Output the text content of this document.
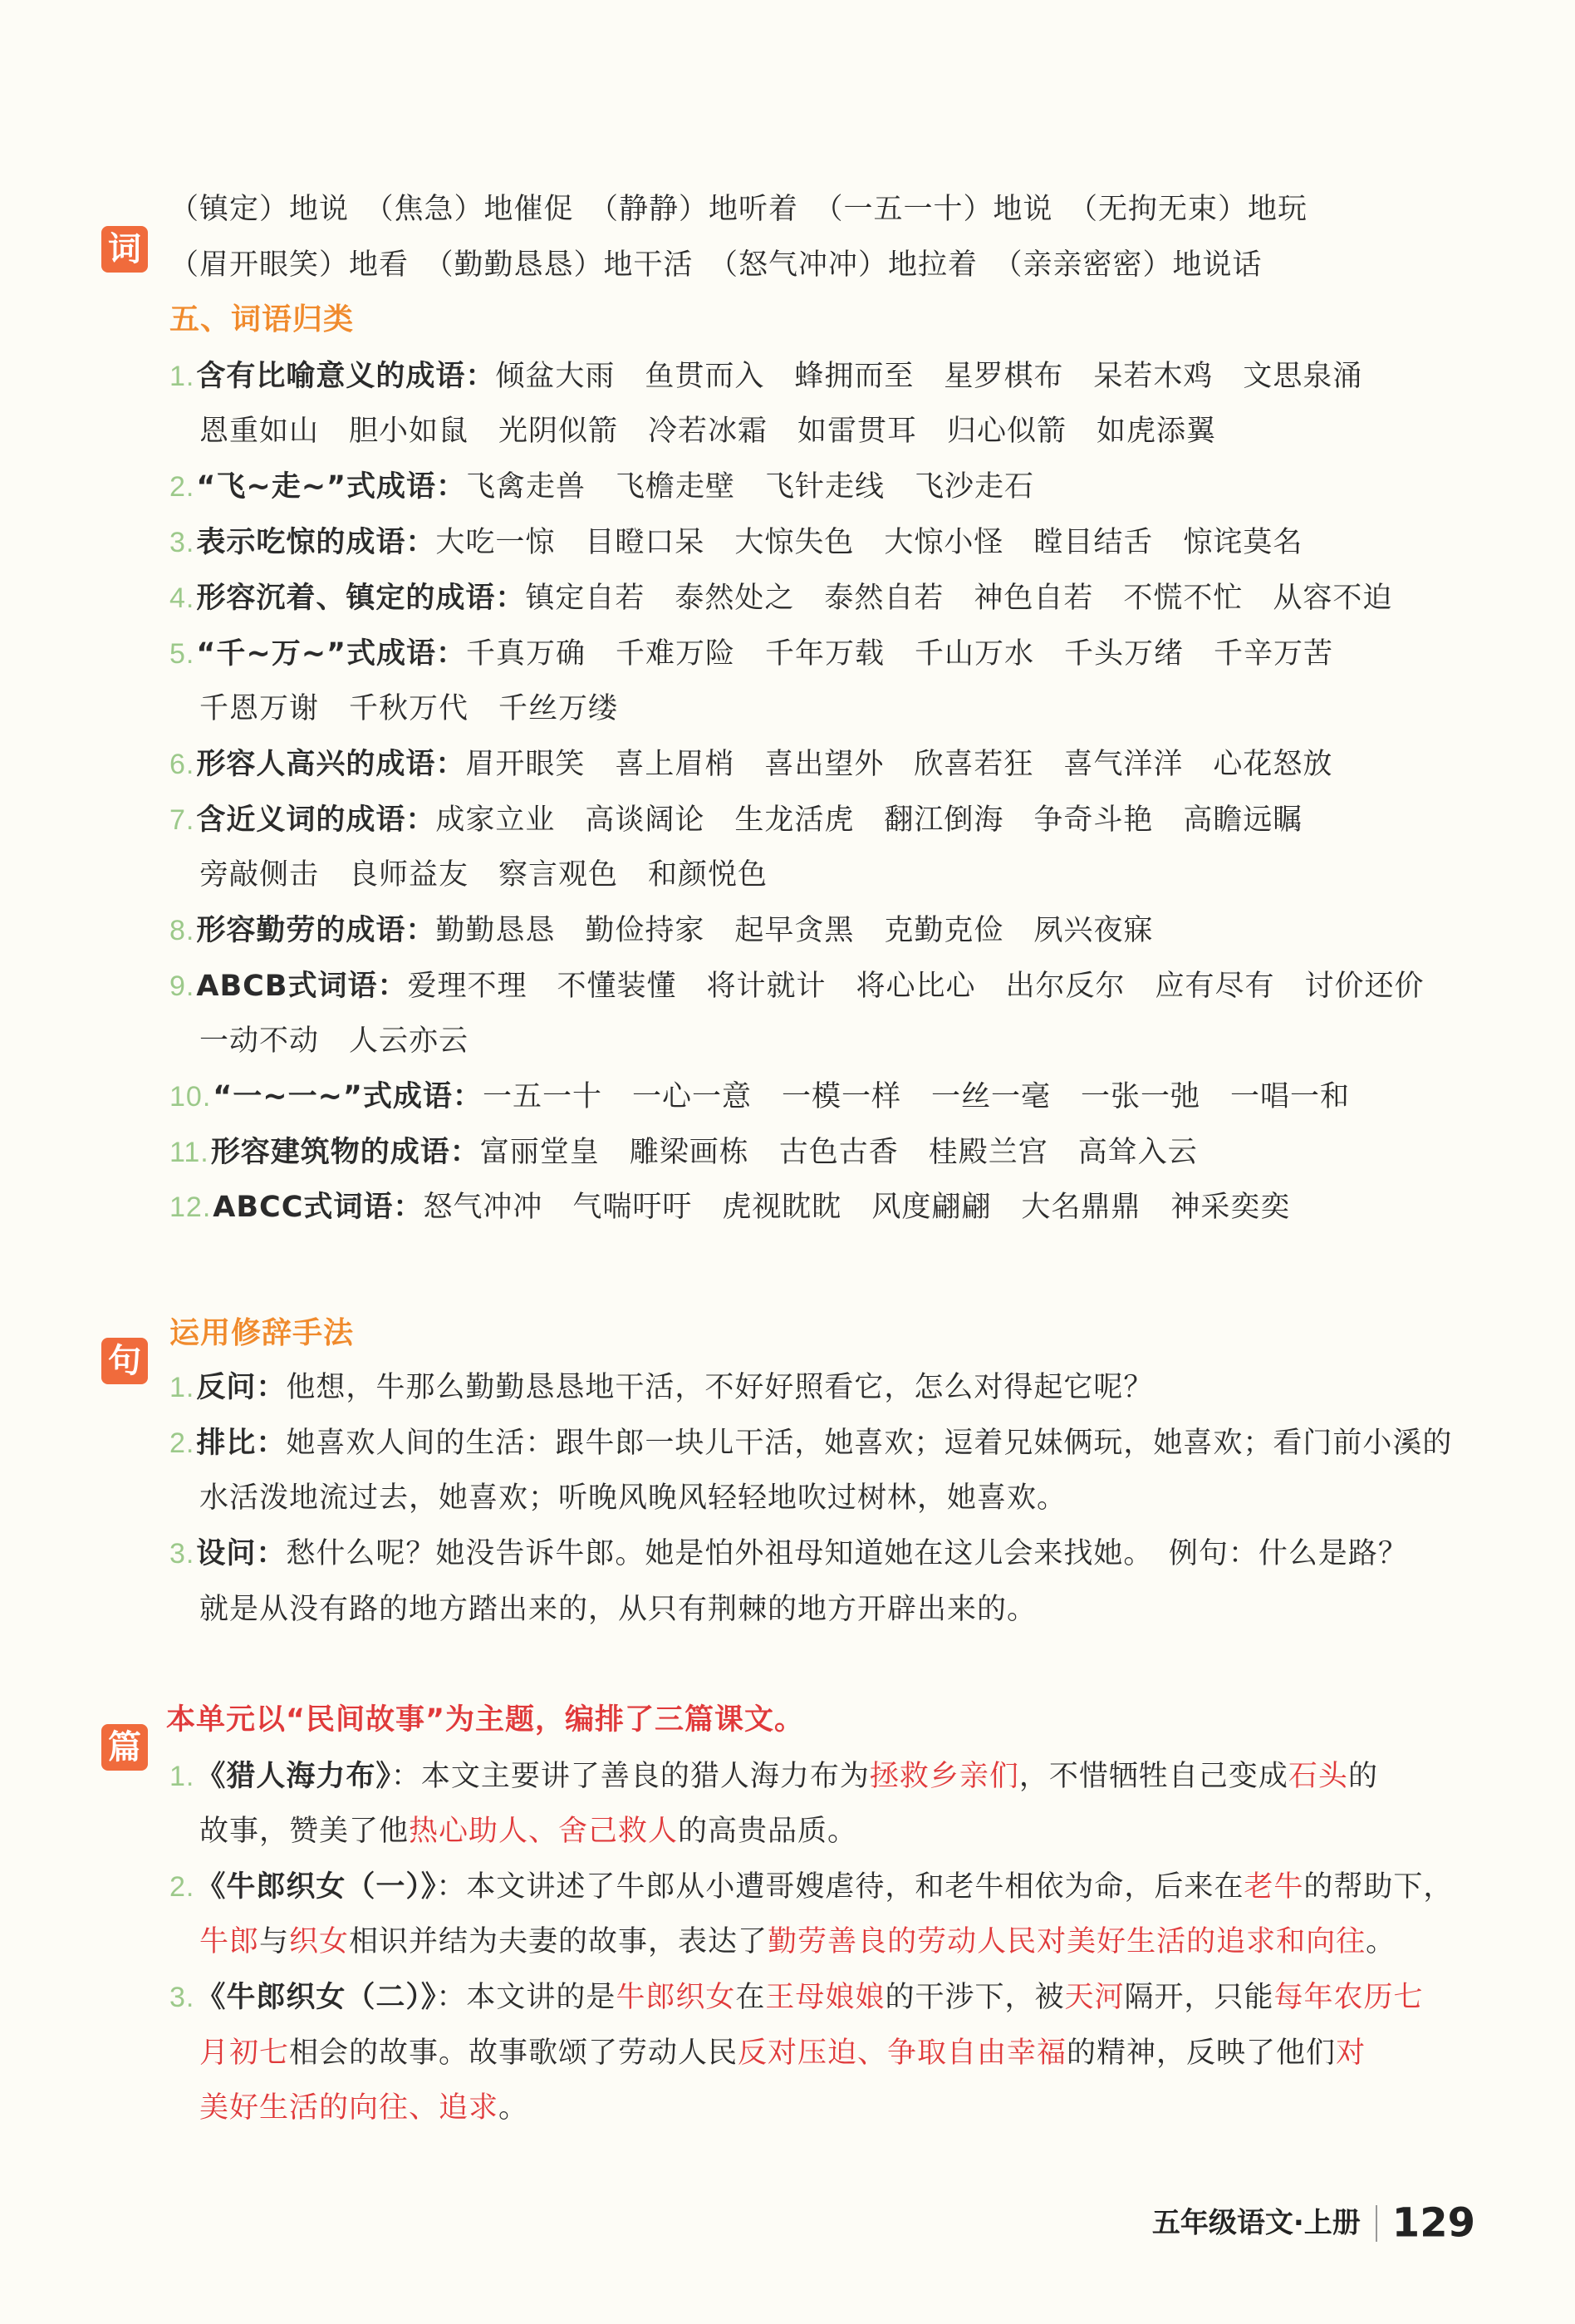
词
（镇定）地说　（焦急）地催促　（静静）地听着　（一五一十）地说　（无拘无束）地玩
（眉开眼笑）地看　（勤勤恳恳）地干活　（怒气冲冲）地拉着　（亲亲密密）地说话
五、词语归类
1.含有比喻意义的成语：倾盆大雨　鱼贯而入　蜂拥而至　星罗棋布　呆若木鸡　文思泉涌
恩重如山　胆小如鼠　光阴似箭　冷若冰霜　如雷贯耳　归心似箭　如虎添翼
2.“飞~走~”式成语：飞禽走兽　飞檐走壁　飞针走线　飞沙走石
3.表示吃惊的成语：大吃一惊　目瞪口呆　大惊失色　大惊小怪　瞠目结舌　惊诧莫名
4.形容沉着、镇定的成语：镇定自若　泰然处之　泰然自若　神色自若　不慌不忙　从容不迫
5.“千~万~”式成语：千真万确　千难万险　千年万载　千山万水　千头万绪　千辛万苦
千恩万谢　千秋万代　千丝万缕
6.形容人高兴的成语：眉开眼笑　喜上眉梢　喜出望外　欣喜若狂　喜气洋洋　心花怒放
7.含近义词的成语：成家立业　高谈阔论　生龙活虎　翻江倒海　争奇斗艳　高瞻远瞩
旁敲侧击　良师益友　察言观色　和颜悦色
8.形容勤劳的成语：勤勤恳恳　勤俭持家　起早贪黑　克勤克俭　夙兴夜寐
9.ABCB式词语：爱理不理　不懂装懂　将计就计　将心比心　出尔反尔　应有尽有　讨价还价
一动不动　人云亦云
10.“一~一~”式成语：一五一十　一心一意　一模一样　一丝一毫　一张一弛　一唱一和
11.形容建筑物的成语：富丽堂皇　雕梁画栋　古色古香　桂殿兰宫　高耸入云
12.ABCC式词语：怒气冲冲　气喘吁吁　虎视眈眈　风度翩翩　大名鼎鼎　神采奕奕
句
运用修辞手法
1.反问：他想，牛那么勤勤恳恳地干活，不好好照看它，怎么对得起它呢？
2.排比：她喜欢人间的生活：跟牛郎一块儿干活，她喜欢；逗着兄妹俩玩，她喜欢；看门前小溪的
水活泼地流过去，她喜欢；听晚风晚风轻轻地吹过树林，她喜欢。
3.设问：愁什么呢？她没告诉牛郎。她是怕外祖母知道她在这儿会来找她。　例句：什么是路？
就是从没有路的地方踏出来的，从只有荆棘的地方开辟出来的。
篇
本单元以“民间故事”为主题，编排了三篇课文。
1.《猎人海力布》：本文主要讲了善良的猎人海力布为拯救乡亲们，不惜牺牲自己变成石头的
故事，赞美了他热心助人、舍己救人的高贵品质。
2.《牛郎织女（一）》：本文讲述了牛郎从小遭哥嫂虐待，和老牛相依为命，后来在老牛的帮助下，
牛郎与织女相识并结为夫妻的故事，表达了勤劳善良的劳动人民对美好生活的追求和向往。
3.《牛郎织女（二）》：本文讲的是牛郎织女在王母娘娘的干涉下，被天河隔开，只能每年农历七
月初七相会的故事。故事歌颂了劳动人民反对压迫、争取自由幸福的精神，反映了他们对
美好生活的向往、追求。
五年级语文·上册 129
